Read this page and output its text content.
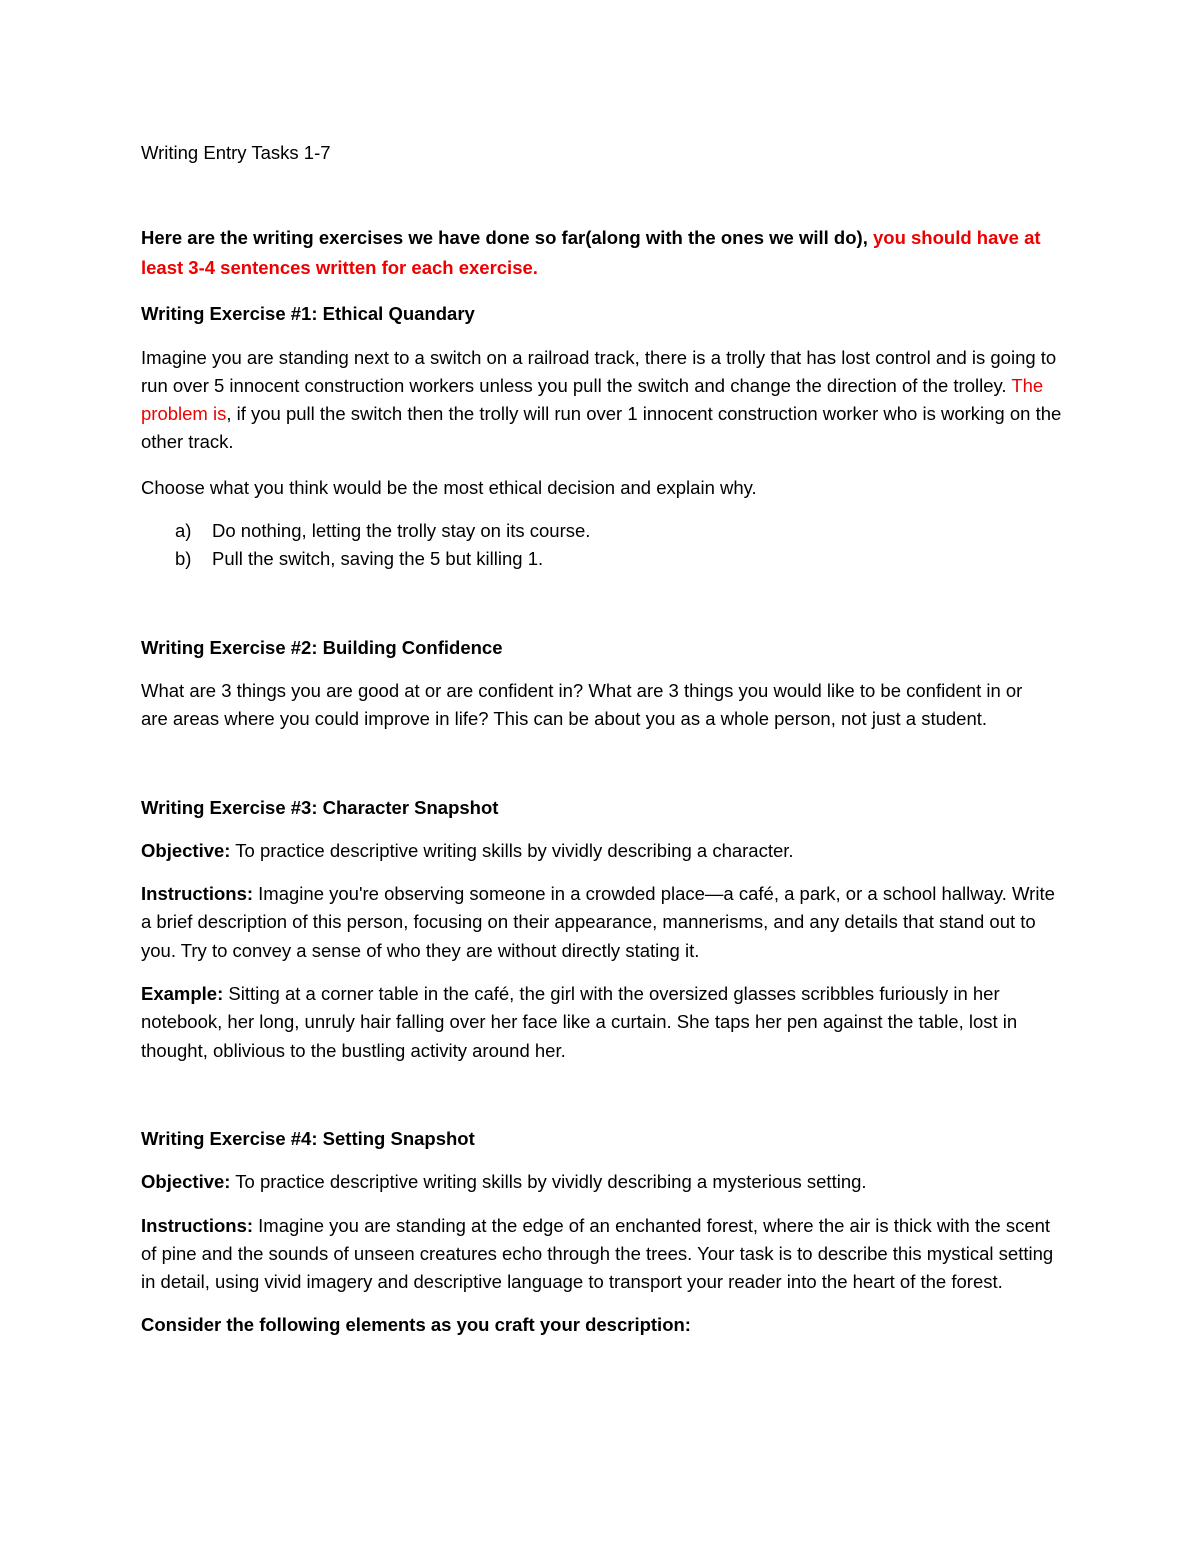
Writing Entry Tasks 1-7

Here are the writing exercises we have done so far(along with the ones we will do), you should have at least 3-4 sentences written for each exercise.

Writing Exercise #1: Ethical Quandary

Imagine you are standing next to a switch on a railroad track, there is a trolly that has lost control and is going to run over 5 innocent construction workers unless you pull the switch and change the direction of the trolley. The problem is, if you pull the switch then the trolly will run over 1 innocent construction worker who is working on the other track.

Choose what you think would be the most ethical decision and explain why.

a) Do nothing, letting the trolly stay on its course.
b) Pull the switch, saving the 5 but killing 1.

Writing Exercise #2: Building Confidence

What are 3 things you are good at or are confident in? What are 3 things you would like to be confident in or are areas where you could improve in life? This can be about you as a whole person, not just a student.

Writing Exercise #3: Character Snapshot

Objective: To practice descriptive writing skills by vividly describing a character.

Instructions: Imagine you're observing someone in a crowded place—a café, a park, or a school hallway. Write a brief description of this person, focusing on their appearance, mannerisms, and any details that stand out to you. Try to convey a sense of who they are without directly stating it.

Example: Sitting at a corner table in the café, the girl with the oversized glasses scribbles furiously in her notebook, her long, unruly hair falling over her face like a curtain. She taps her pen against the table, lost in thought, oblivious to the bustling activity around her.

Writing Exercise #4: Setting Snapshot

Objective: To practice descriptive writing skills by vividly describing a mysterious setting.

Instructions: Imagine you are standing at the edge of an enchanted forest, where the air is thick with the scent of pine and the sounds of unseen creatures echo through the trees. Your task is to describe this mystical setting in detail, using vivid imagery and descriptive language to transport your reader into the heart of the forest.

Consider the following elements as you craft your description:
